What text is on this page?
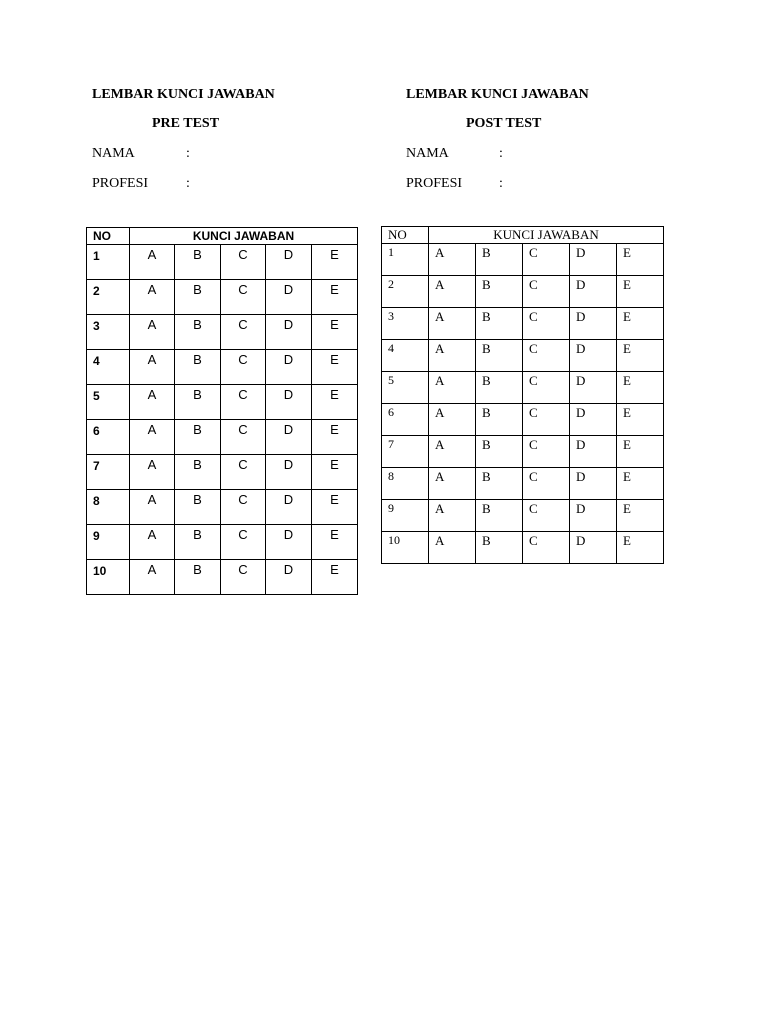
LEMBAR KUNCI JAWABAN
PRE TEST
NAMA	:
PROFESI	:
NO	KUNCI JAWABAN				
1	A	B	C	D	E
2	A	B	C	D	E
3	A	B	C	D	E
4	A	B	C	D	E
5	A	B	C	D	E
6	A	B	C	D	E
7	A	B	C	D	E
8	A	B	C	D	E
9	A	B	C	D	E
10	A	B	C	D	E
LEMBAR KUNCI JAWABAN
POST TEST
NAMA	:
PROFESI	:
NO	KUNCI JAWABAN				
1	A	B	C	D	E
2	A	B	C	D	E
3	A	B	C	D	E
4	A	B	C	D	E
5	A	B	C	D	E
6	A	B	C	D	E
7	A	B	C	D	E
8	A	B	C	D	E
9	A	B	C	D	E
10	A	B	C	D	E
